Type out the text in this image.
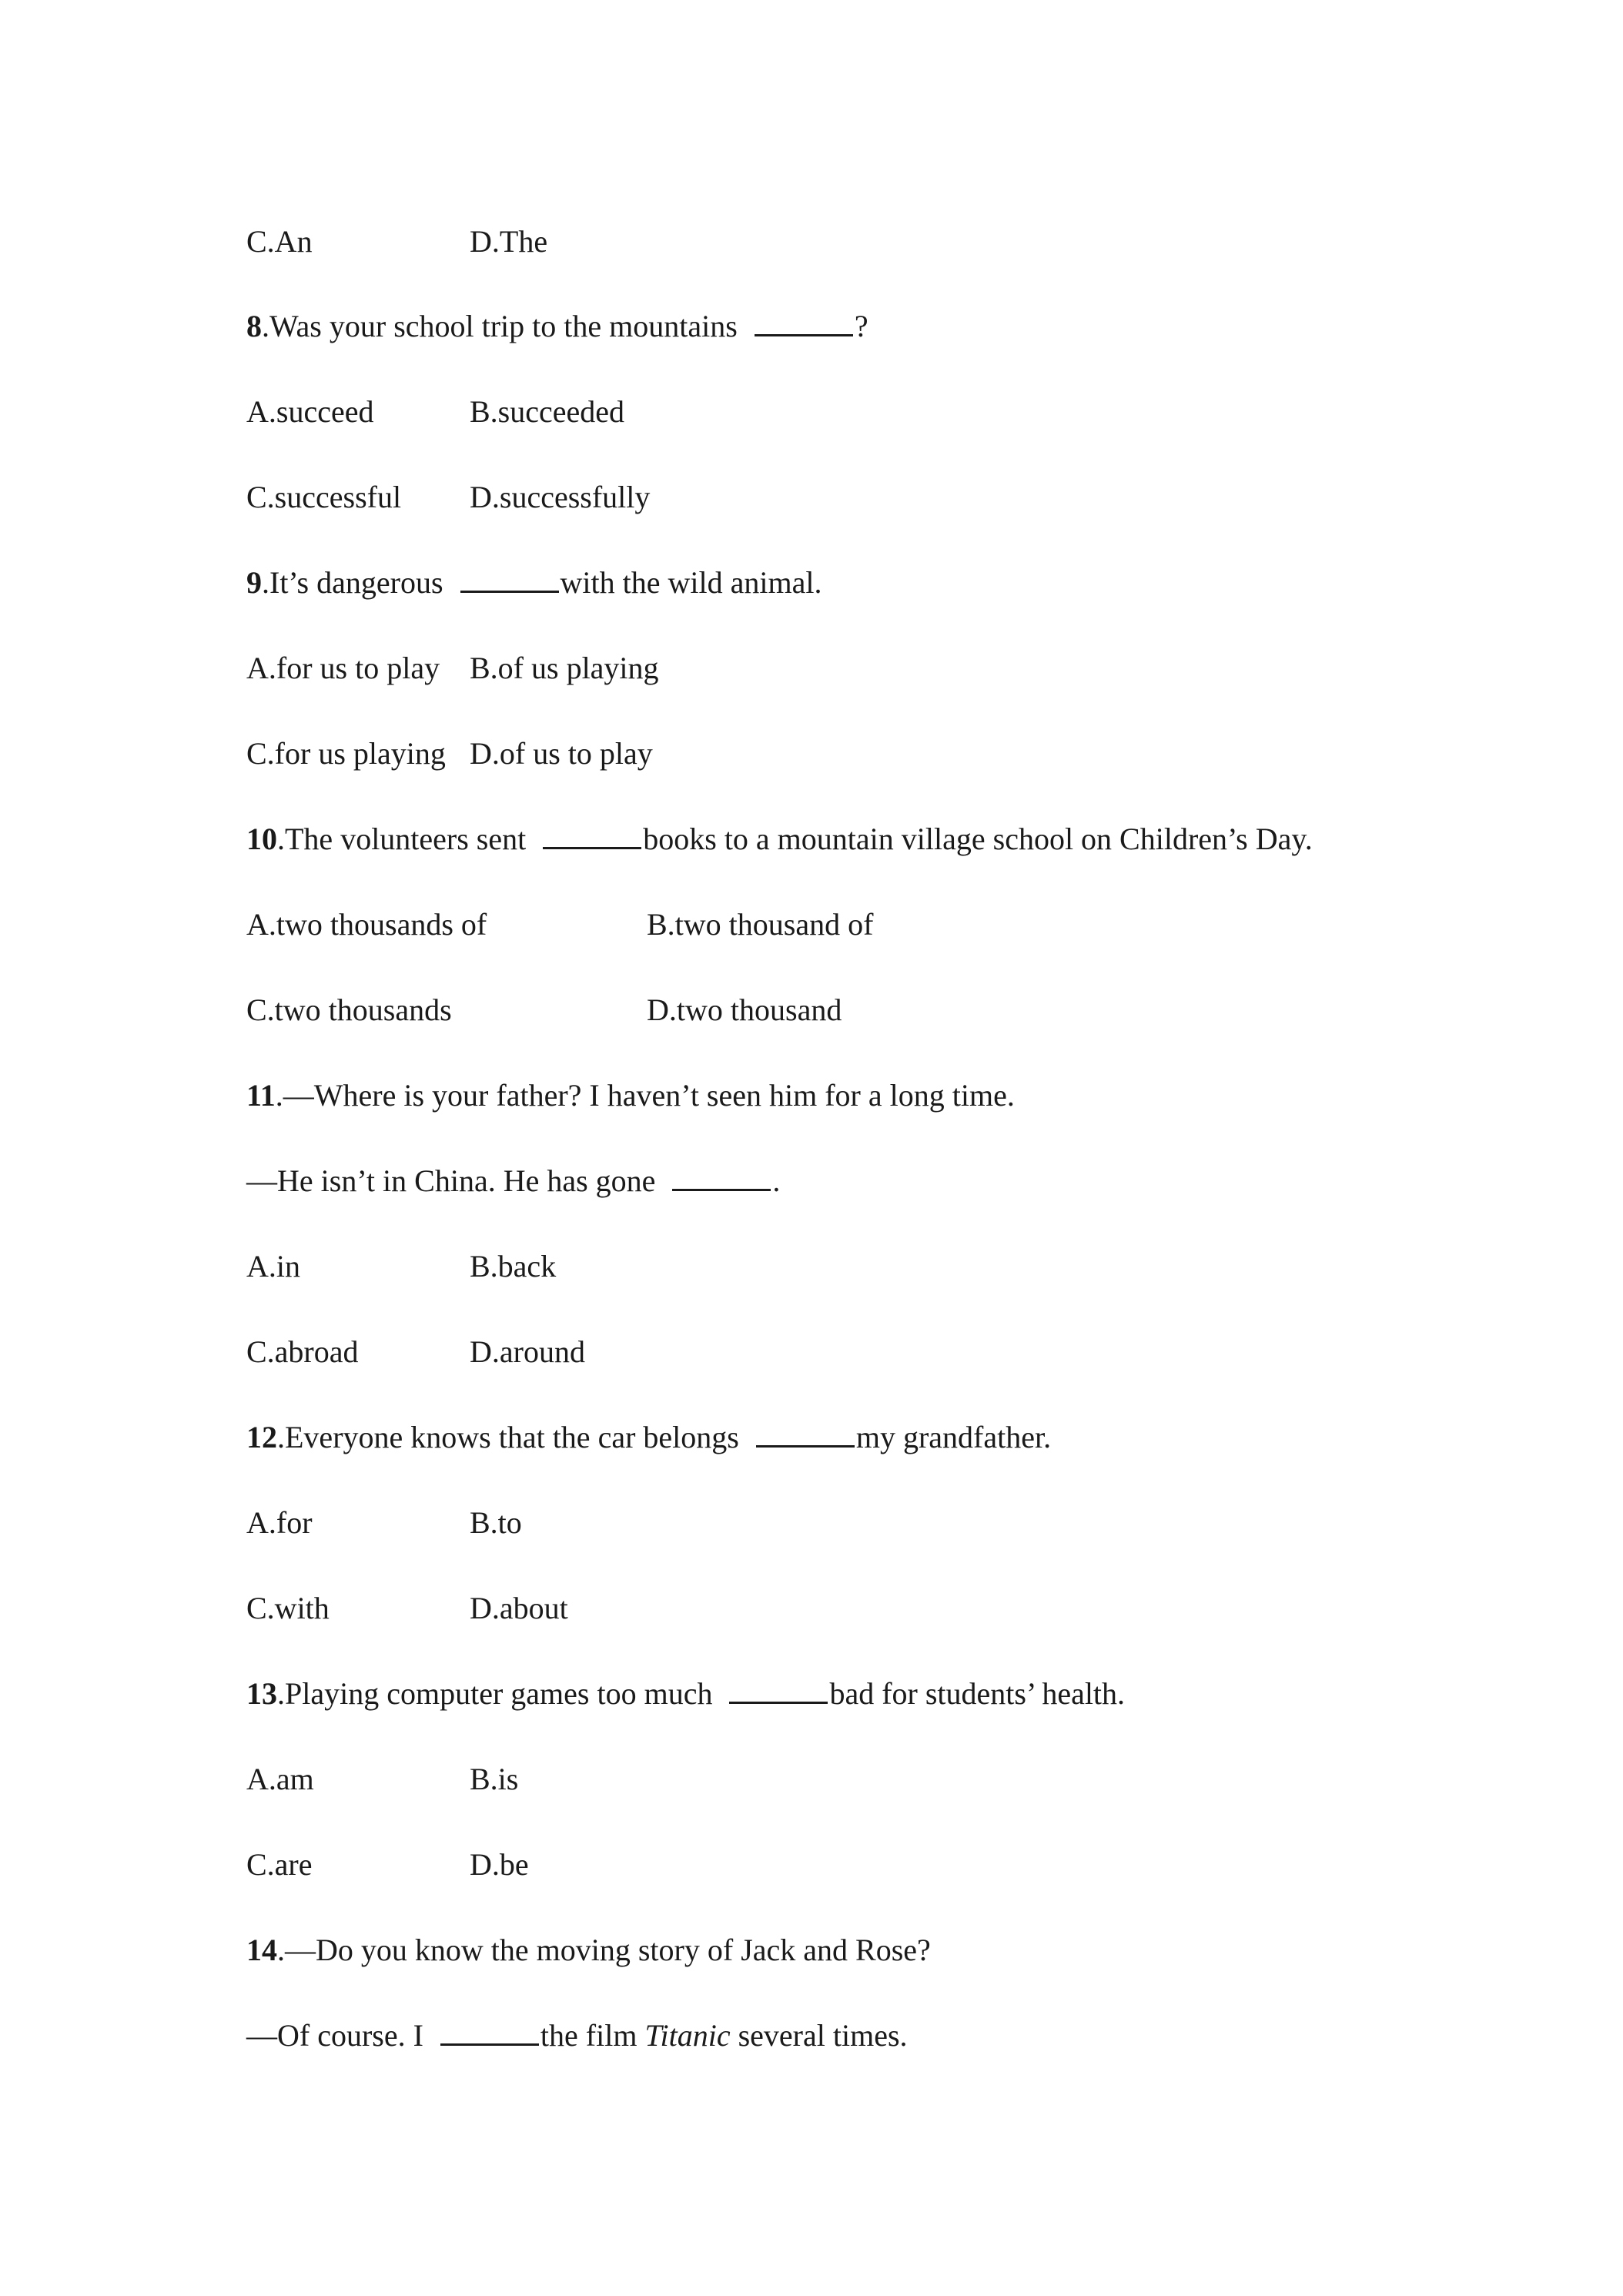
C.An	D.The
8.Was your school trip to the mountains	?
A.succeed	B.succeeded
C.successful D.successfully
9.It’s dangerous	with the wild animal.
A.for us to play B.of us playing
C.for us playing D.of us to play
10.The volunteers sent	books to a mountain village school on Children’s Day.
A.two thousands of	B.two thousand of
C.two thousands	D.two thousand
11.—Where is your father? I haven’t seen him for a long time.
—He isn’t in China. He has gone	.
A.in	B.back
C.abroad	D.around
12.Everyone knows that the car belongs	my grandfather.
A.for	B.to
C.with	D.about
13.Playing computer games too much	bad for students’ health.
A.am	B.is
C.are	D.be
14.—Do you know the moving story of Jack and Rose?
—Of course. I	the film Titanic several times.
